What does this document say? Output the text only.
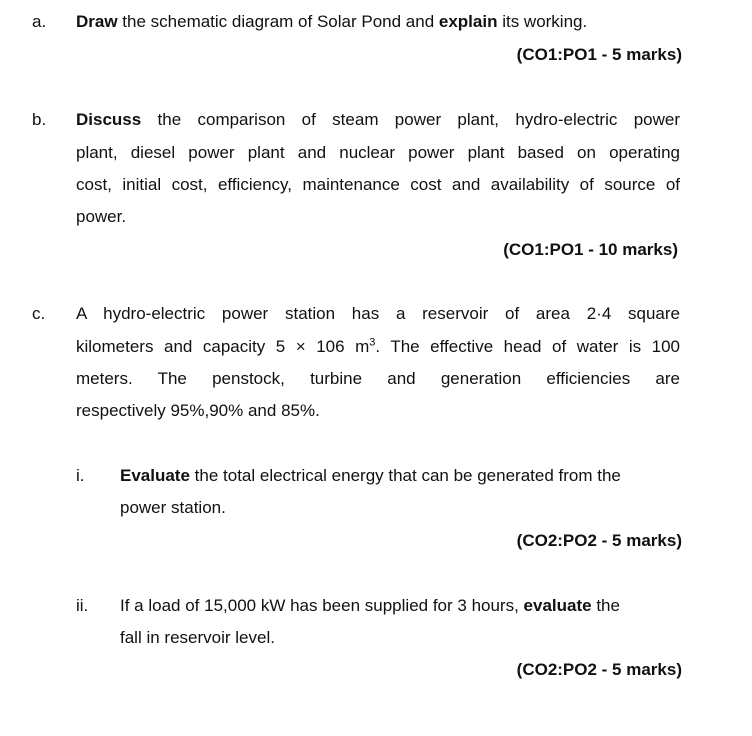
a. Draw the schematic diagram of Solar Pond and explain its working.
(CO1:PO1 - 5 marks)
b. Discuss the comparison of steam power plant, hydro-electric power
plant, diesel power plant and nuclear power plant based on operating
cost, initial cost, efficiency, maintenance cost and availability of source of
power.
(CO1:PO1 - 10 marks)
c. A hydro-electric power station has a reservoir of area 2·4 square
kilometers and capacity 5 × 106 $m^3$. The effective head of water is 100
meters. The penstock, turbine and generation efficiencies are
respectively 95%,90% and 85%.
i. Evaluate the total electrical energy that can be generated from the
power station.
(CO2:PO2 - 5 marks)
ii. If a load of 15,000 kW has been supplied for 3 hours, evaluate the
fall in reservoir level.
(CO2:PO2 - 5 marks)
